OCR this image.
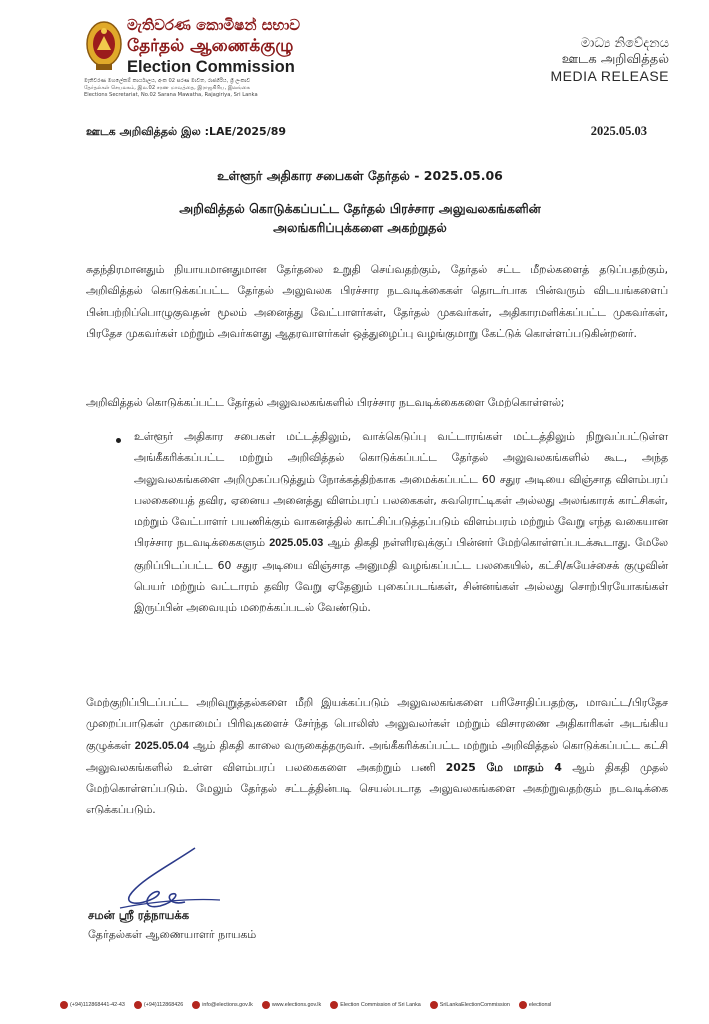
මැතිවරණ කොමිෂන් සභාව
தேர்தல் ஆணைக்குழு
Election Commission
මැතිවරණ මහලේකම් කාර්යාලය, අංක 02 සරණ මාවත, රාජගිරිය, ශ්‍රී ලංකාව
தேர்தல்கள் செயலகம், இல.02 சரண மாவத்தை, இராஜகிரிய, இலங்கை
Elections Secretariat, No.02 Sarana Mawatha, Rajagiriya, Sri Lanka
මාධ්‍ය නිවේදනය
ஊடக அறிவித்தல்
MEDIA RELEASE
ஊடக அறிவித்தல் இல :LAE/2025/89	2025.05.03
உள்ளூர் அதிகார சபைகள் தேர்தல் - 2025.05.06
அறிவித்தல் கொடுக்கப்பட்ட தேர்தல் பிரச்சார அலுவலகங்களின்
அலங்கரிப்புக்களை அகற்றுதல்
சுதந்திரமானதும் நியாயமானதுமான தேர்தலை உறுதி செய்வதற்கும், தேர்தல் சட்ட மீறல்களைத் தடுப்பதற்கும், அறிவித்தல் கொடுக்கப்பட்ட தேர்தல் அலுவலக பிரச்சார நடவடிக்கைகள் தொடர்பாக பின்வரும் விடயங்களைப் பின்பற்றிப்பொழுகுவதன் மூலம் அனைத்து வேட்பாளர்கள், தேர்தல் முகவர்கள், அதிகாரமளிக்கப்பட்ட முகவர்கள், பிரதேச முகவர்கள் மற்றும் அவர்களது ஆதரவாளர்கள் ஒத்துழைப்பு வழங்குமாறு கேட்டுக் கொள்ளப்படுகின்றனர்.
அறிவித்தல் கொடுக்கப்பட்ட தேர்தல் அலுவலகங்களில் பிரச்சார நடவடிக்கைகளை மேற்கொள்ளல்;
உள்ளூர் அதிகார சபைகள் மட்டத்திலும், வாக்கெடுப்பு வட்டாரங்கள் மட்டத்திலும் நிறுவப்பட்டுள்ள அங்கீகரிக்கப்பட்ட மற்றும் அறிவித்தல் கொடுக்கப்பட்ட தேர்தல் அலுவலகங்களில் கூட, அந்த அலுவலகங்களை அறிமுகப்படுத்தும் நோக்கத்திற்காக அமைக்கப்பட்ட 60 சதுர அடியை விஞ்சாத விளம்பரப் பலகையைத் தவிர, ஏனைய அனைத்து விளம்பரப் பலகைகள், சுவரொட்டிகள் அல்லது அலங்காரக் காட்சிகள், மற்றும் வேட்பாளர் பயணிக்கும் வாகனத்தில் காட்சிப்படுத்தப்படும் விளம்பரம் மற்றும் வேறு எந்த வகையான பிரச்சார நடவடிக்கைகளும் 2025.05.03 ஆம் திகதி நள்ளிரவுக்குப் பின்னர் மேற்கொள்ளப்படக்கூடாது. மேலே குறிப்பிடப்பட்ட 60 சதுர அடியை விஞ்சாத அனுமதி வழங்கப்பட்ட பலகையில், கட்சி/சுயேச்சைக் குழுவின் பெயர் மற்றும் வட்டாரம் தவிர வேறு ஏதேனும் புகைப்படங்கள், சின்னங்கள் அல்லது சொற்பிரயோகங்கள் இருப்பின் அவையும் மறைக்கப்படல் வேண்டும்.
மேற்குறிப்பிடப்பட்ட அறிவுறுத்தல்களை மீறி இயக்கப்படும் அலுவலகங்களை பரிசோதிப்பதற்கு, மாவட்ட/பிரதேச முறைப்பாடுகள் முகாமைப் பிரிவுகளைச் சேர்ந்த பொலிஸ் அலுவலர்கள் மற்றும் விசாரணை அதிகாரிகள் அடங்கிய குழுக்கள் 2025.05.04 ஆம் திகதி காலை வருகைத்தருவர். அங்கீகரிக்கப்பட்ட மற்றும் அறிவித்தல் கொடுக்கப்பட்ட கட்சி அலுவலகங்களில் உள்ள விளம்பரப் பலகைகளை அகற்றும் பணி 2025 மே மாதம் 4 ஆம் திகதி முதல் மேற்கொள்ளப்படும். மேலும் தேர்தல் சட்டத்தின்படி செயல்படாத அலுவலகங்களை அகற்றுவதற்கும் நடவடிக்கை எடுக்கப்படும்.
சமன் ஸ்ரீ ரத்நாயக்க
தேர்தல்கள் ஆணையாளர் நாயகம்
(+94)112868441-42-43	(+94)112868426	info@elections.gov.lk	www.elections.gov.lk	Election Commission of Sri Lanka	SriLankaElectionCommission	electionsl
